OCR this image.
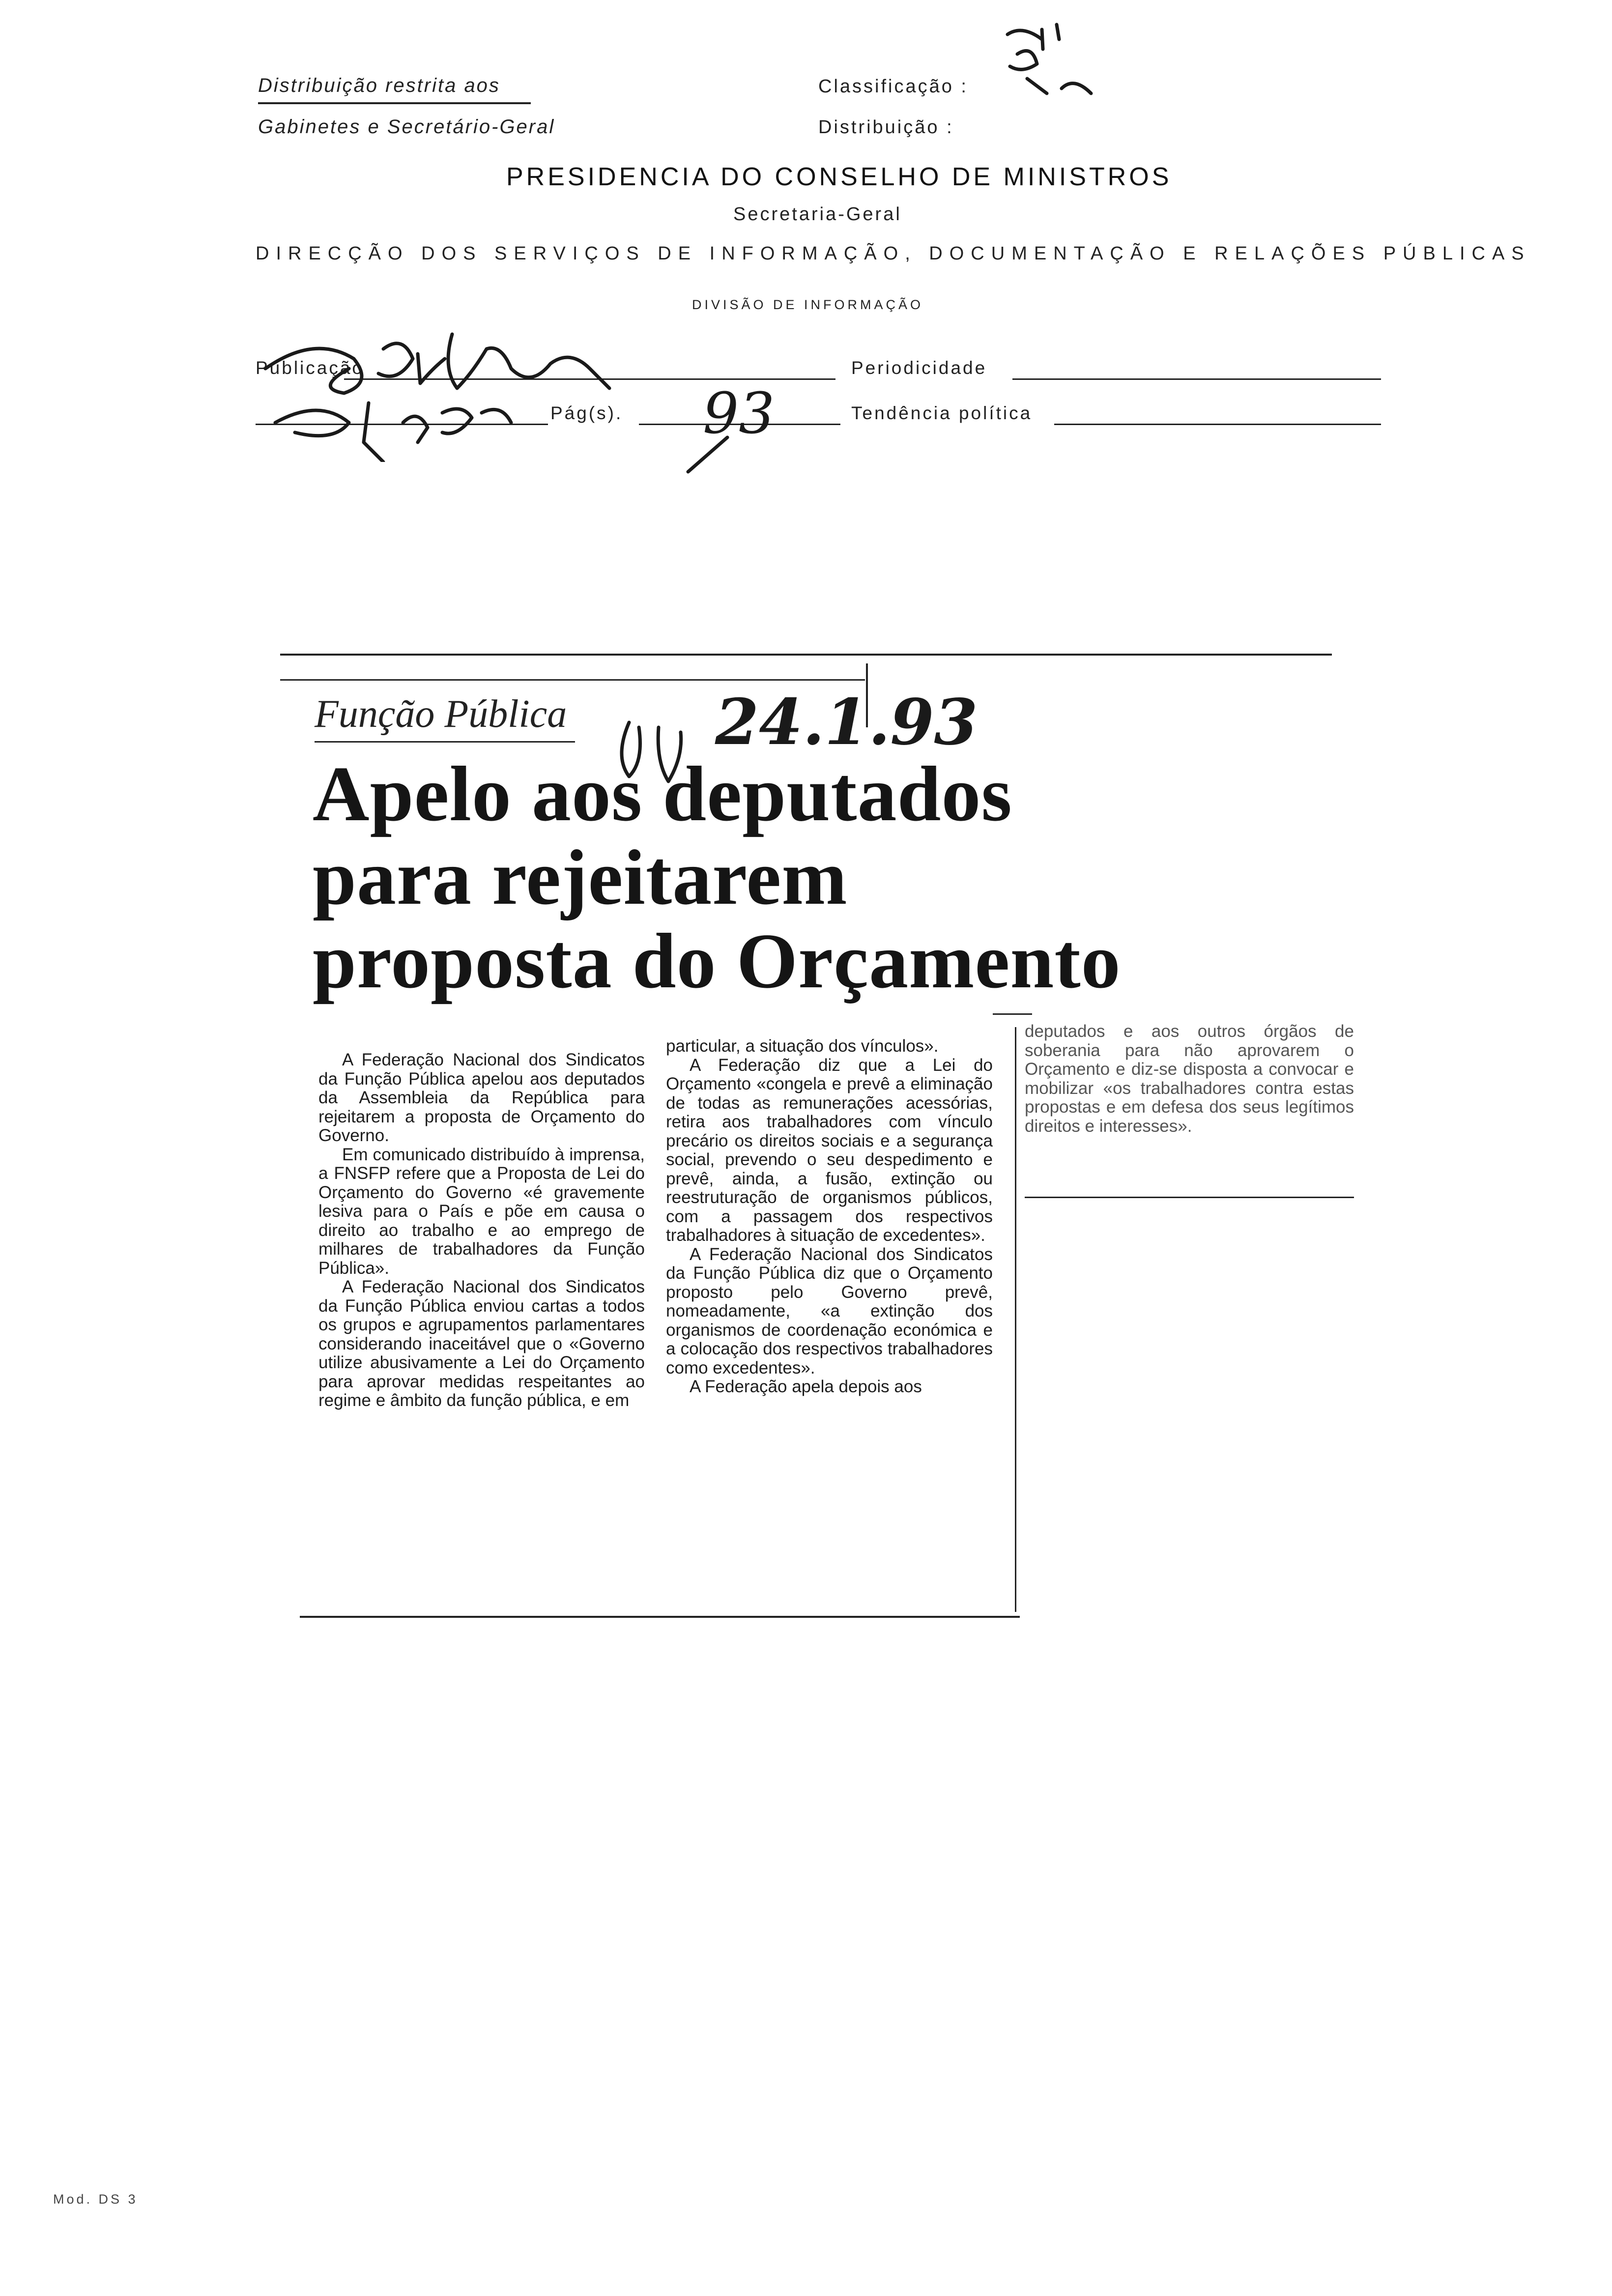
Distribuição restrita aos
Gabinetes e Secretário-Geral
Classificação :
Distribuição :
PRESIDENCIA DO CONSELHO DE MINISTROS
Secretaria-Geral
DIRECÇÃO DOS SERVIÇOS DE INFORMAÇÃO, DOCUMENTAÇÃO E RELAÇÕES PÚBLICAS
DIVISÃO DE INFORMAÇÃO
Publicação	Periodicidade
Pág(s).	Tendência política
93
Função Pública 24.1.93
Apelo aos deputados
para rejeitarem
proposta do Orçamento

A Federação Nacional dos Sindicatos da Função Pública apelou aos deputados da Assembleia da República para rejeitarem a proposta de Orçamento do Governo.

Em comunicado distribuído à imprensa, a FNSFP refere que a Proposta de Lei do Orçamento do Governo «é gravemente lesiva para o País e põe em causa o direito ao trabalho e ao emprego de milhares de trabalhadores da Função Pública».

A Federação Nacional dos Sindicatos da Função Pública enviou cartas a todos os grupos e agrupamentos parlamentares considerando inaceitável que o «Governo utilize abusivamente a Lei do Orçamento para aprovar medidas respeitantes ao regime e âmbito da função pública, e em

particular, a situação dos vínculos».

A Federação diz que a Lei do Orçamento «congela e prevê a eliminação de todas as remunerações acessórias, retira aos trabalhadores com vínculo precário os direitos sociais e a segurança social, prevendo o seu despedimento e prevê, ainda, a fusão, extinção ou reestruturação de organismos públicos, com a passagem dos respectivos trabalhadores à situação de excedentes».

A Federação Nacional dos Sindicatos da Função Pública diz que o Orçamento proposto pelo Governo prevê, nomeadamente, «a extinção dos organismos de coordenação económica e a colocação dos respectivos trabalhadores como excedentes».

A Federação apela depois aos

deputados e aos outros órgãos de soberania para não aprovarem o Orçamento e diz-se disposta a convocar e mobilizar «os trabalhadores contra estas propostas e em defesa dos seus legítimos direitos e interesses».

Mod. DS 3
